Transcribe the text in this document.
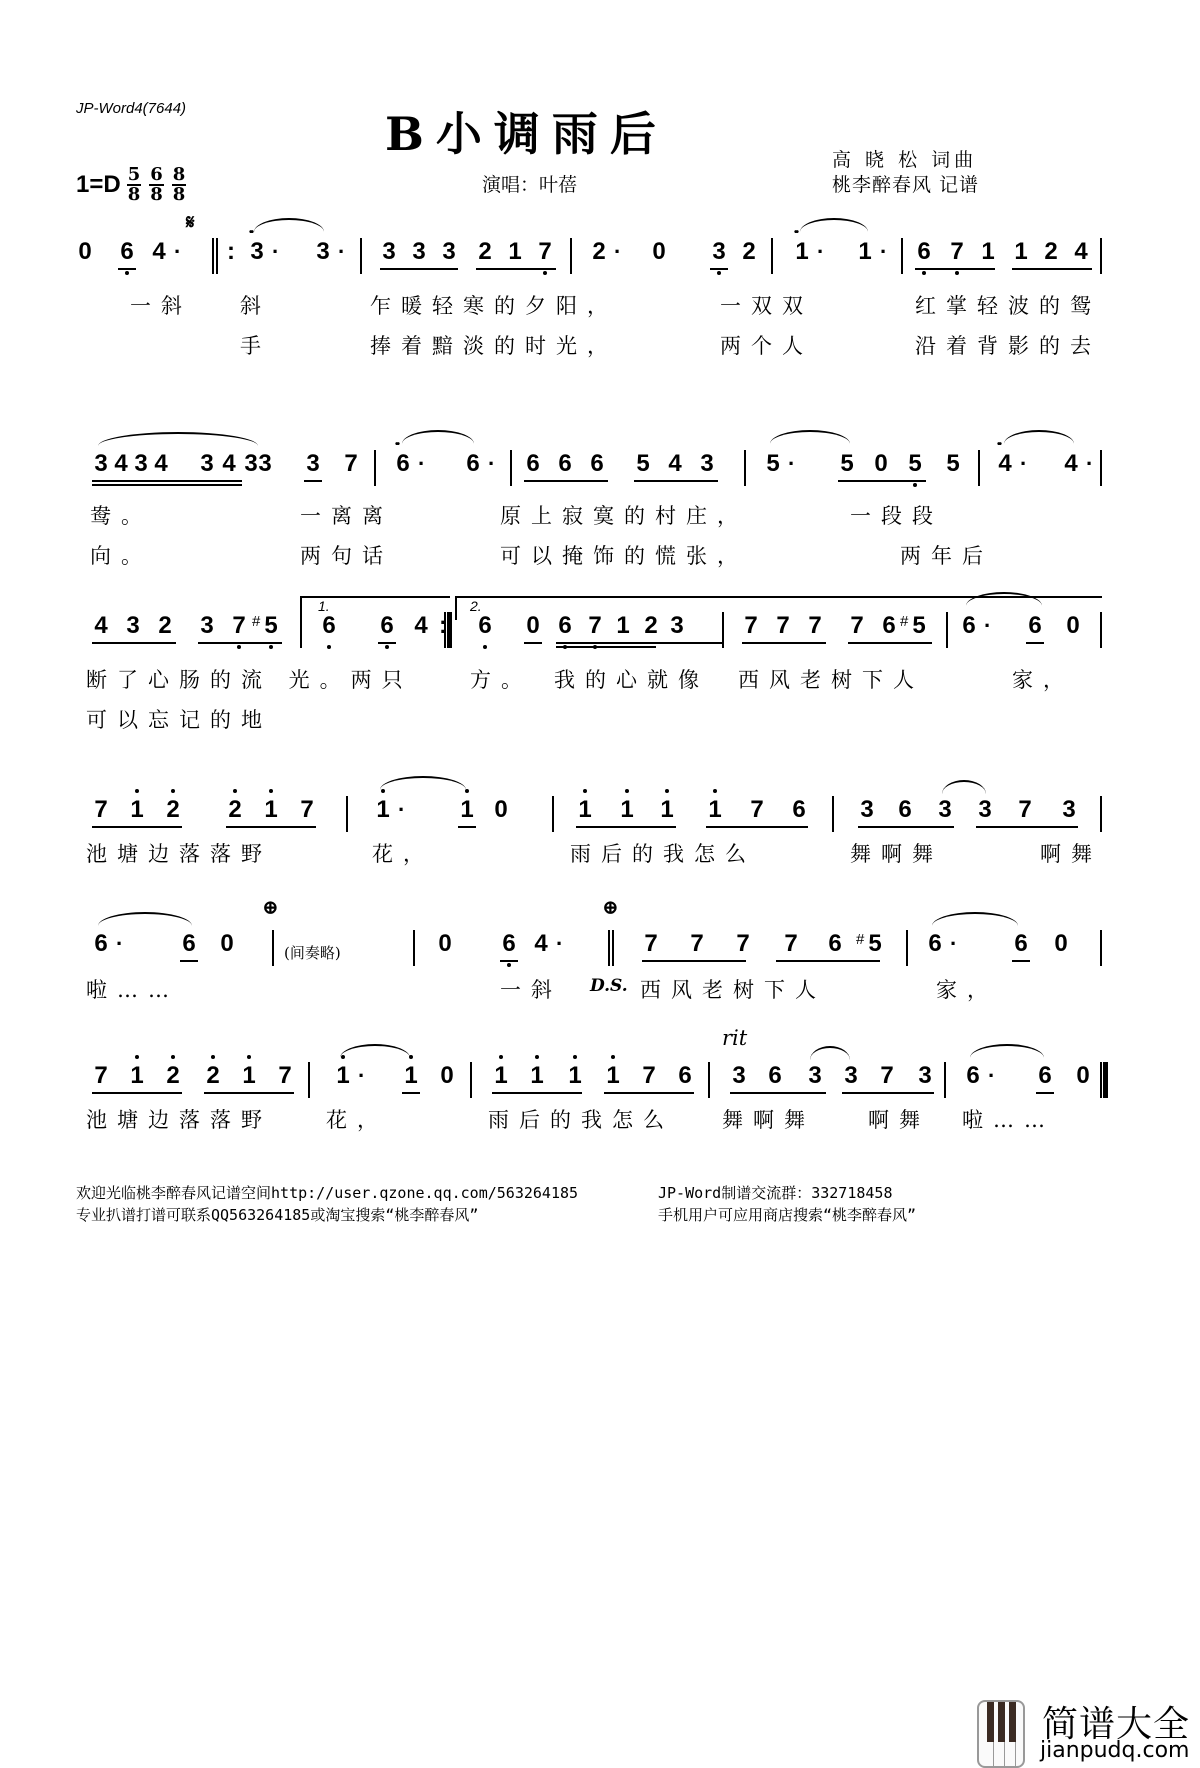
JP-Word4(7644)	B小调雨后	高 晓 松 词曲
桃李醉春风 记谱
演唱：叶蓓
$1=D \frac{5}{8} \frac{6}{8} \frac{8}{8}$
0 6 4 ·
𝄋
: 3
••
· 3 · 3 3 3 2 1 7 2 · 0 3 2 1
••
· 1 · 6 7 1 1 2 4
一斜 斜	乍暖轻寒的夕阳，	一双双	红掌轻波的鸳
手	捧着黯淡的时光，	两个人	沿着背影的去
3 4 3 4 3 4 3 3 3 7 6
••
· 6 · 6 6 6 5 4 3 5 · 5 0 5 5 4
••
· 4 ·
鸯。	一离离	原上寂寞的村庄，	一段段
向。	两句话	可以掩饰的慌张，	两年后
1.	2.
4 3 2 3 7 5
#	6 6 4 : 6 0 6 7 1 2 3	7 7 7 7 6 5
# 6 · 6 0
断了心肠的流 光。两只	方。 我的心就像 西风老树下人	家，
可以忘记的地
7 1 2 2 1 7	1 · 1 0	1 1 1 1 7 6 3 6 3 3 7 3
池塘边落落野	花，	雨后的我怎么	舞啊舞	啊舞
6 · 6 0
⊕
(间奏略)	0 6 4 ·
⊕
7 7 7 7 6 5
#	6 · 6 0
啦……	一斜 D.S. 西风老树下人	家，
7 1 2 2 1 7 1 · 1 0 1 1 1 1 7 6
rit
3 6 3 3 7 3 6 · 6 0
池塘边落落野	花，	雨后的我怎么 舞啊舞	啊舞 啦……
欢迎光临桃李醉春风记谱空间http://user.qzone.qq.com/563264185	JP-Word制谱交流群：332718458
专业扒谱打谱可联系QQ563264185或淘宝搜索“桃李醉春风”	手机用户可应用商店搜索“桃李醉春风”
简谱大全
jianpudq.com
